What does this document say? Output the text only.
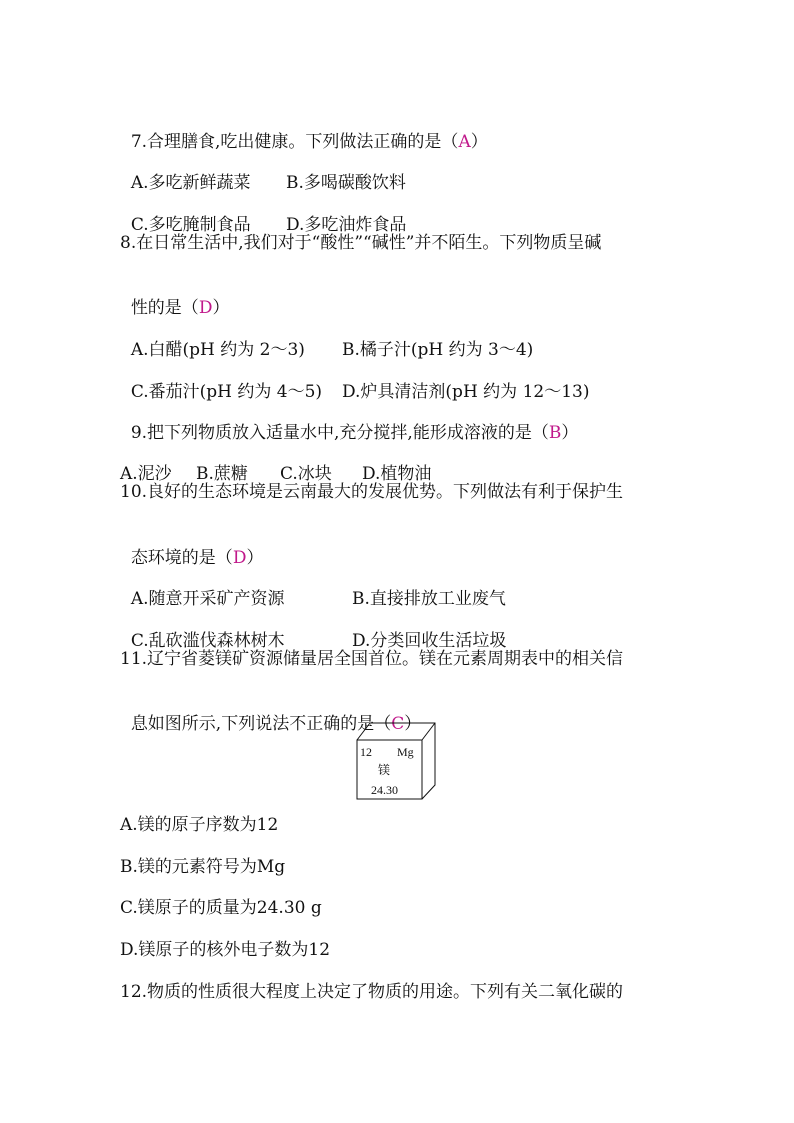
7.合理膳食,吃出健康。下列做法正确的是（A）

A.多吃新鲜蔬菜 B.多喝碳酸饮料

C.多吃腌制食品 D.多吃油炸食品

8.在日常生活中,我们对于“酸性”“碱性”并不陌生。下列物质呈碱

性的是（D）

A.白醋(pH 约为 2～3) B.橘子汁(pH 约为 3～4)

C.番茄汁(pH 约为 4～5) D.炉具清洁剂(pH 约为 12～13)

9.把下列物质放入适量水中,充分搅拌,能形成溶液的是（B）

A.泥沙 B.蔗糖 C.冰块 D.植物油

10.良好的生态环境是云南最大的发展优势。下列做法有利于保护生

态环境的是（D）

A.随意开采矿产资源	B.直接排放工业废气

C.乱砍滥伐森林树木	D.分类回收生活垃圾

11.辽宁省菱镁矿资源储量居全国首位。镁在元素周期表中的相关信

息如图所示,下列说法不正确的是（C）

12 Mg
镁
24.30
A.镁的原子序数为12
B.镁的元素符号为Mg
C.镁原子的质量为24.30 g
D.镁原子的核外电子数为12
12.物质的性质很大程度上决定了物质的用途。下列有关二氧化碳的
